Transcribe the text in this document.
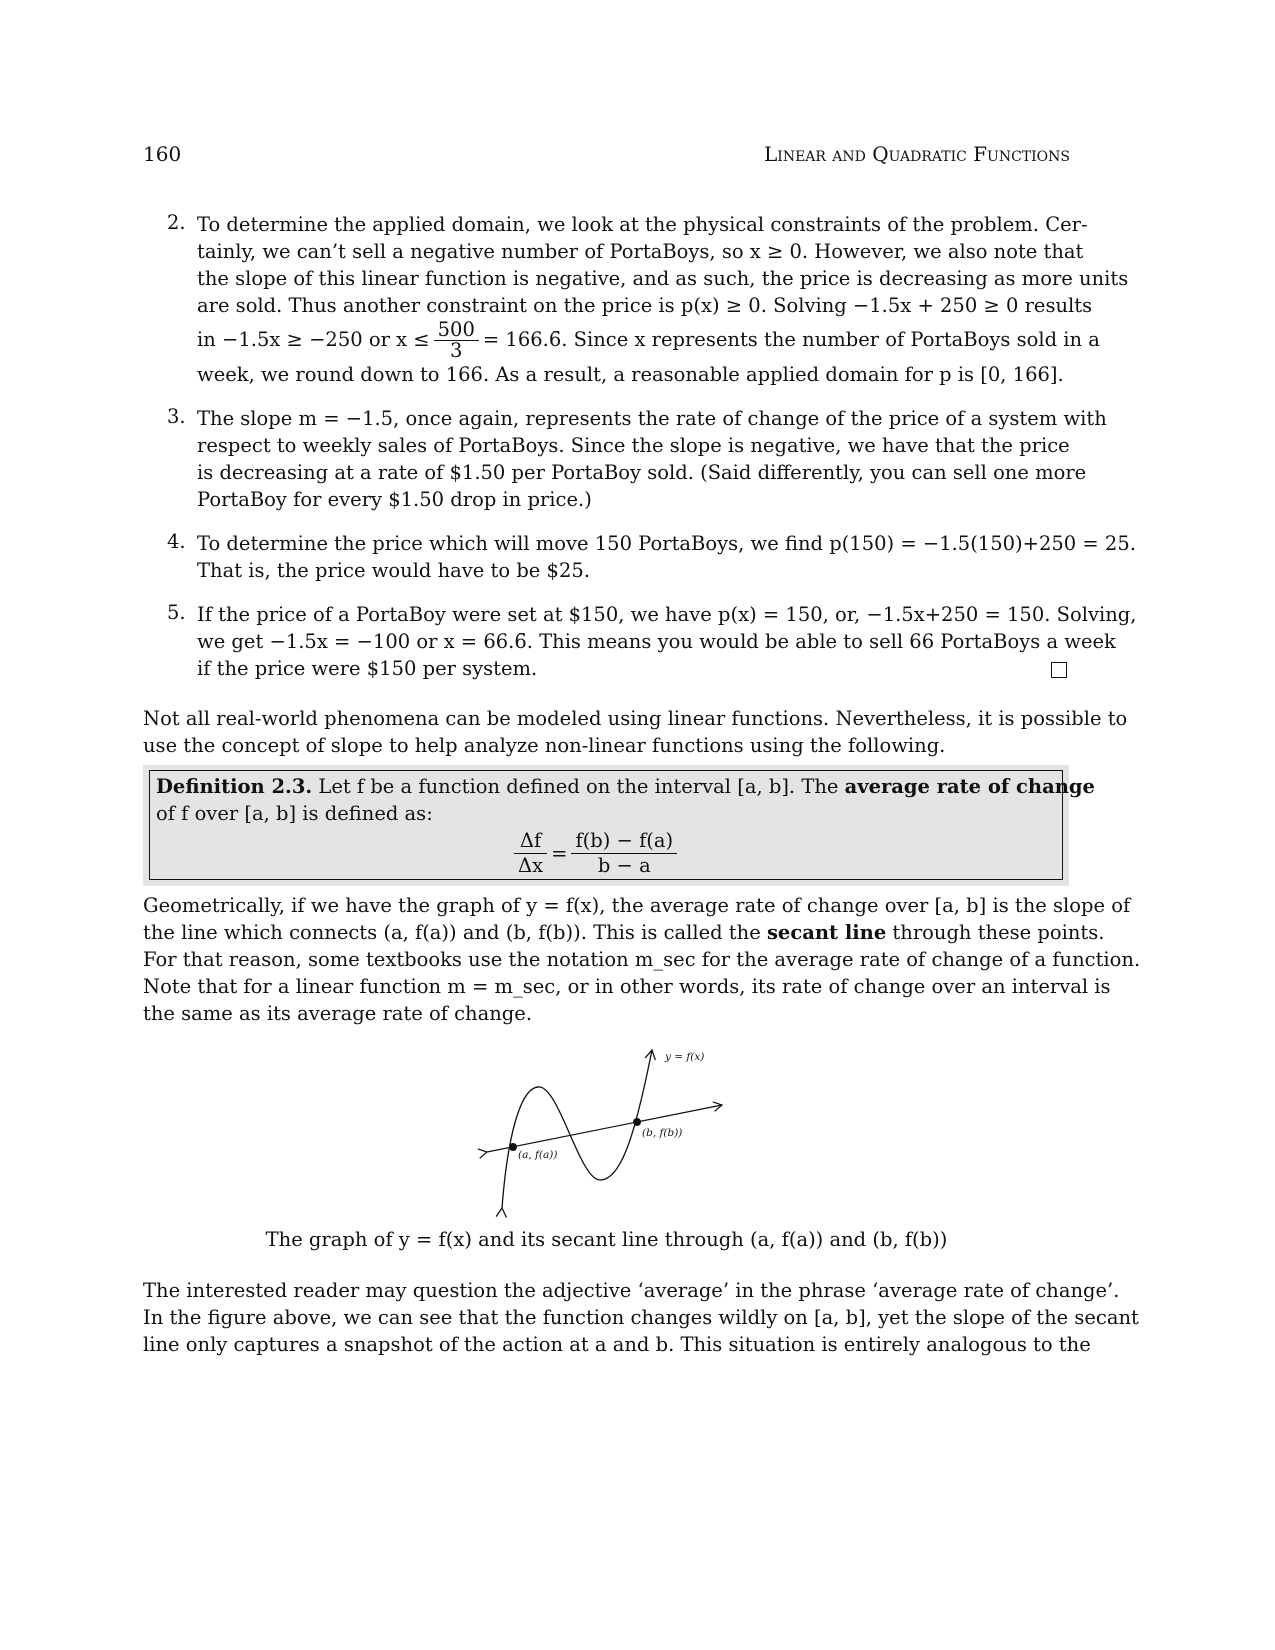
160	Linear and Quadratic Functions
2. To determine the applied domain, we look at the physical constraints of the problem. Cer-
tainly, we can’t sell a negative number of PortaBoys, so x ≥ 0. However, we also note that
the slope of this linear function is negative, and as such, the price is decreasing as more units
are sold. Thus another constraint on the price is p(x) ≥ 0. Solving −1.5x + 250 ≥ 0 results
in −1.5x ≥ −250 or $x \le \frac{500}{3}$ = 166.6̄. Since x represents the number of PortaBoys sold in a
week, we round down to 166. As a result, a reasonable applied domain for p is [0, 166].
3. The slope m = −1.5, once again, represents the rate of change of the price of a system with
respect to weekly sales of PortaBoys. Since the slope is negative, we have that the price
is decreasing at a rate of $1.50 per PortaBoy sold. (Said differently, you can sell one more
PortaBoy for every $1.50 drop in price.)
4. To determine the price which will move 150 PortaBoys, we find p(150) = −1.5(150)+250 = 25.
That is, the price would have to be $25.
5. If the price of a PortaBoy were set at $150, we have p(x) = 150, or, −1.5x+250 = 150. Solving,
we get −1.5x = −100 or x = 66.6̄. This means you would be able to sell 66 PortaBoys a week
if the price were $150 per system.
Not all real-world phenomena can be modeled using linear functions. Nevertheless, it is possible to
use the concept of slope to help analyze non-linear functions using the following.
Definition 2.3. Let f be a function defined on the interval [a, b]. The average rate of change
of f over [a, b] is defined as:
$\frac{\Delta f}{\Delta x} = \frac{f(b) - f(a)}{b - a}$
Geometrically, if we have the graph of y = f(x), the average rate of change over [a, b] is the slope of
the line which connects (a, f(a)) and (b, f(b)). This is called the secant line through these points.
For that reason, some textbooks use the notation m_sec for the average rate of change of a function.
Note that for a linear function m = m_sec, or in other words, its rate of change over an interval is
the same as its average rate of change.
y = f(x)
(b, f(b))
(a, f(a))
The graph of y = f(x) and its secant line through (a, f(a)) and (b, f(b))
The interested reader may question the adjective ‘average’ in the phrase ‘average rate of change’.
In the figure above, we can see that the function changes wildly on [a, b], yet the slope of the secant
line only captures a snapshot of the action at a and b. This situation is entirely analogous to the
